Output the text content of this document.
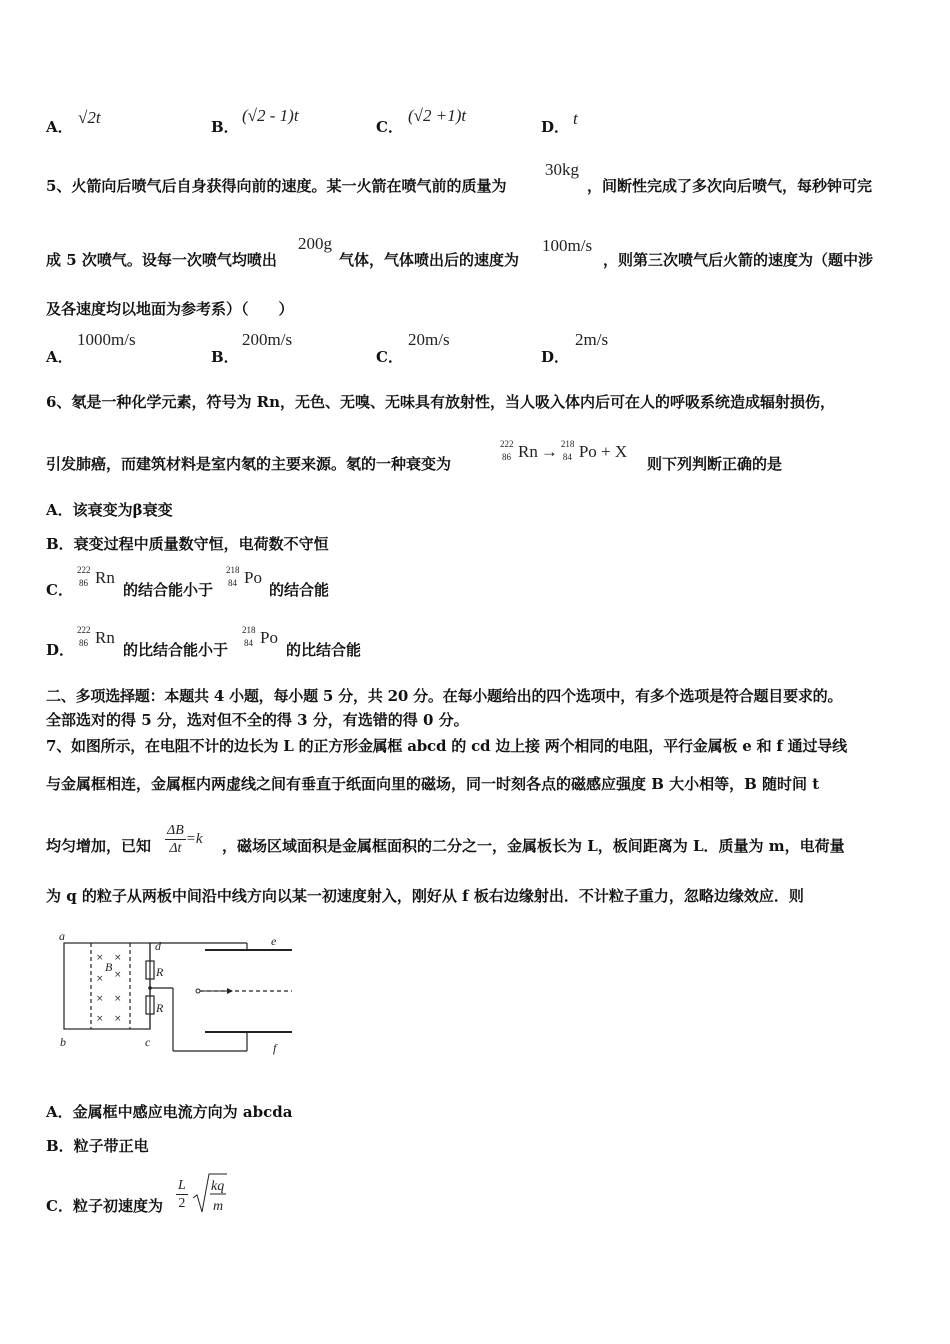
A． √2t	B．
(√2 - 1)t
C．
(√2 +1)t
D． t
5、火箭向后喷气后自身获得向前的速度。某一火箭在喷气前的质量为
30kg
，间断性完成了多次向后喷气，每秒钟可完
成 5 次喷气。设每一次喷气均喷出
200g
气体，气体喷出后的速度为
100m/s
，则第三次喷气后火箭的速度为（题中涉
及各速度均以地面为参考系）（　　）
A．
1000m/s
B．
200m/s
C．
20m/s
D．
2m/s
6、氡是一种化学元素，符号为 Rn，无色、无嗅、无味具有放射性，当人吸入体内后可在人的呼吸系统造成辐射损伤，
引发肺癌，而建筑材料是室内氡的主要来源。氡的一种衰变为
222
86 Rn → 218
84 Po + X
则下列判断正确的是
A．该衰变为β衰变
B．衰变过程中质量数守恒，电荷数不守恒
C．
222
86 Rn
的结合能小于
218
84 Po
的结合能
D．
222
86 Rn
的比结合能小于
218
84 Po
的比结合能
二、多项选择题：本题共 4 小题，每小题 5 分，共 20 分。在每小题给出的四个选项中，有多个选项是符合题目要求的。
全部选对的得 5 分，选对但不全的得 3 分，有选错的得 0 分。
7、如图所示，在电阻不计的边长为 L 的正方形金属框 abcd 的 cd 边上接 两个相同的电阻，平行金属板 e 和 f 通过导线
与金属框相连，金属框内两虚线之间有垂直于纸面向里的磁场，同一时刻各点的磁感应强度 B 大小相等，B 随时间 t
均匀增加，已知 $\frac{\Delta B}{\Delta t} =k$ ，磁场区域面积是金属框面积的二分之一，金属板长为 L，板间距离为 L．质量为 m，电荷量
为 q 的粒子从两板中间沿中线方向以某一初速度射入，刚好从 f 板右边缘射出．不计粒子重力，忽略边缘效应．则
a
b	c
d	e
f
B	R
R
× ×
× ×
× ×
× ×
A．金属框中感应电流方向为 abcda
B．粒子带正电
C．粒子初速度为 $\frac{L}{2}$
kq
m
